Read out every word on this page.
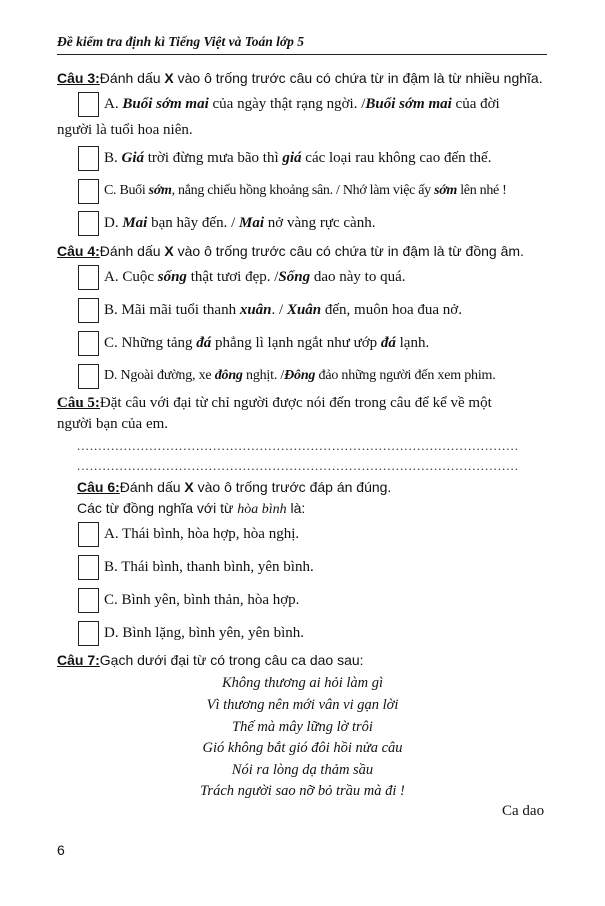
Đề kiểm tra định kì Tiếng Việt và Toán lớp 5
Câu 3:Đánh dấu X vào ô trống trước câu có chứa từ in đậm là từ nhiều nghĩa.
A. Buổi sớm mai của ngày thật rạng ngời. /Buổi sớm mai của đời
người là tuổi hoa niên.
B. Giá trời đừng mưa bão thì giá các loại rau không cao đến thế.
C. Buổi sớm, nắng chiếu hồng khoảng sân. / Nhớ làm việc ấy sớm lên nhé !
D. Mai bạn hãy đến. / Mai nở vàng rực cành.
Câu 4:Đánh dấu X vào ô trống trước câu có chứa từ in đậm là từ đồng âm.
A. Cuộc sống thật tươi đẹp. /Sống dao này to quá.
B. Mãi mãi tuổi thanh xuân. / Xuân đến, muôn hoa đua nở.
C. Những tảng đá phẳng lì lạnh ngắt như ướp đá lạnh.
D. Ngoài đường, xe đông nghịt. /Đông đảo những người đến xem phim.
Câu 5:Đặt câu với đại từ chỉ người được nói đến trong câu để kể về một
người bạn của em.
........................................................................................................
........................................................................................................
Câu 6:Đánh dấu X vào ô trống trước đáp án đúng.
Các từ đồng nghĩa với từ hòa bình là:
A. Thái bình, hòa hợp, hòa nghị.
B. Thái bình, thanh bình, yên bình.
C. Bình yên, bình thản, hòa hợp.
D. Bình lặng, bình yên, yên bình.
Câu 7:Gạch dưới đại từ có trong câu ca dao sau:
Không thương ai hỏi làm gì
Vì thương nên mới vân vi gạn lời
Thế mà mây lững lờ trôi
Gió không bắt gió đôi hồi nửa câu
Nói ra lòng dạ thảm sầu
Trách người sao nỡ bỏ trầu mà đi !
Ca dao
6
